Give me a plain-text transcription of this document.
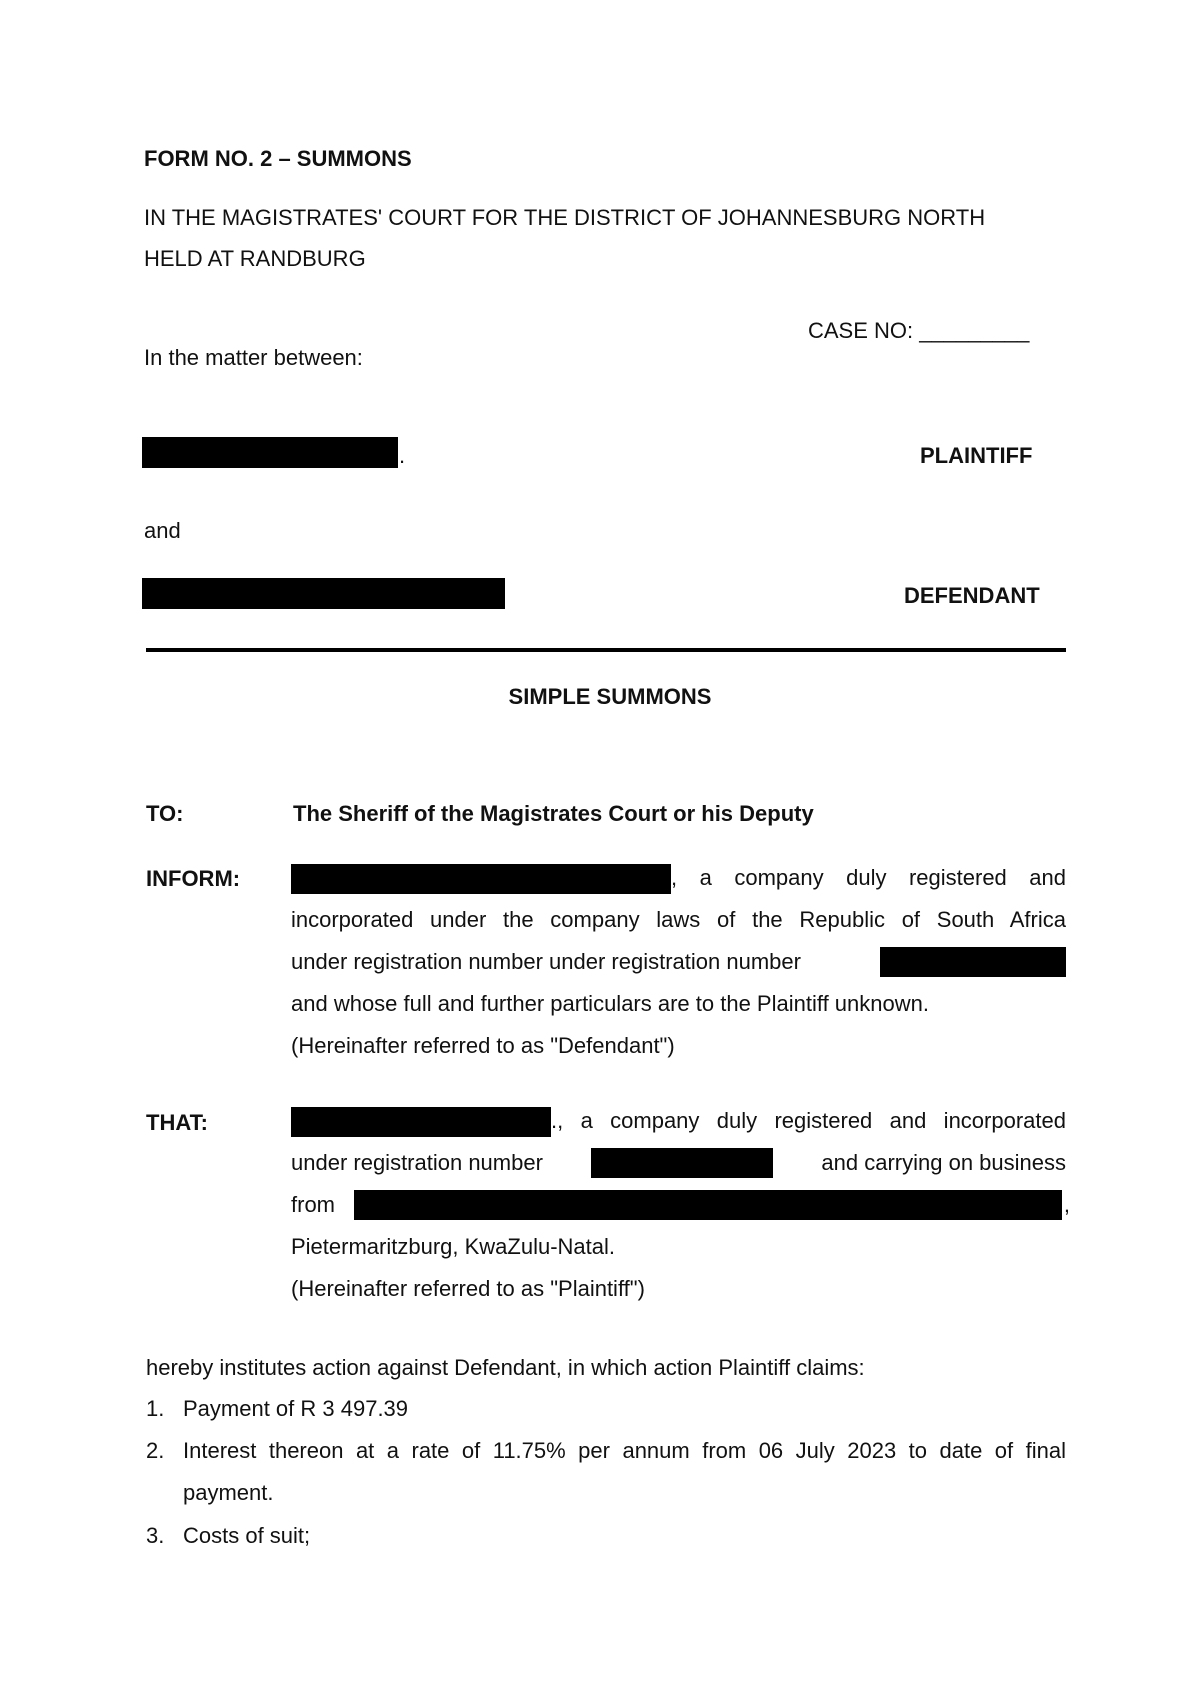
FORM NO. 2 – SUMMONS
IN THE MAGISTRATES' COURT FOR THE DISTRICT OF JOHANNESBURG NORTH
HELD AT RANDBURG
CASE NO: _________
In the matter between:
.	PLAINTIFF
and
DEFENDANT
SIMPLE SUMMONS
TO:	The Sheriff of the Magistrates Court or his Deputy
INFORM:	, a company duly registered and
incorporated under the company laws of the Republic of South Africa
under registration number under registration number
and whose full and further particulars are to the Plaintiff unknown.
(Hereinafter referred to as "Defendant")
THAT:	., a company duly registered and incorporated
under registration number	and carrying on business
from	,
Pietermaritzburg, KwaZulu-Natal.
(Hereinafter referred to as "Plaintiff")
hereby institutes action against Defendant, in which action Plaintiff claims:
1. Payment of R 3 497.39
2. Interest thereon at a rate of 11.75% per annum from 06 July 2023 to date of final
payment.
3. Costs of suit;
